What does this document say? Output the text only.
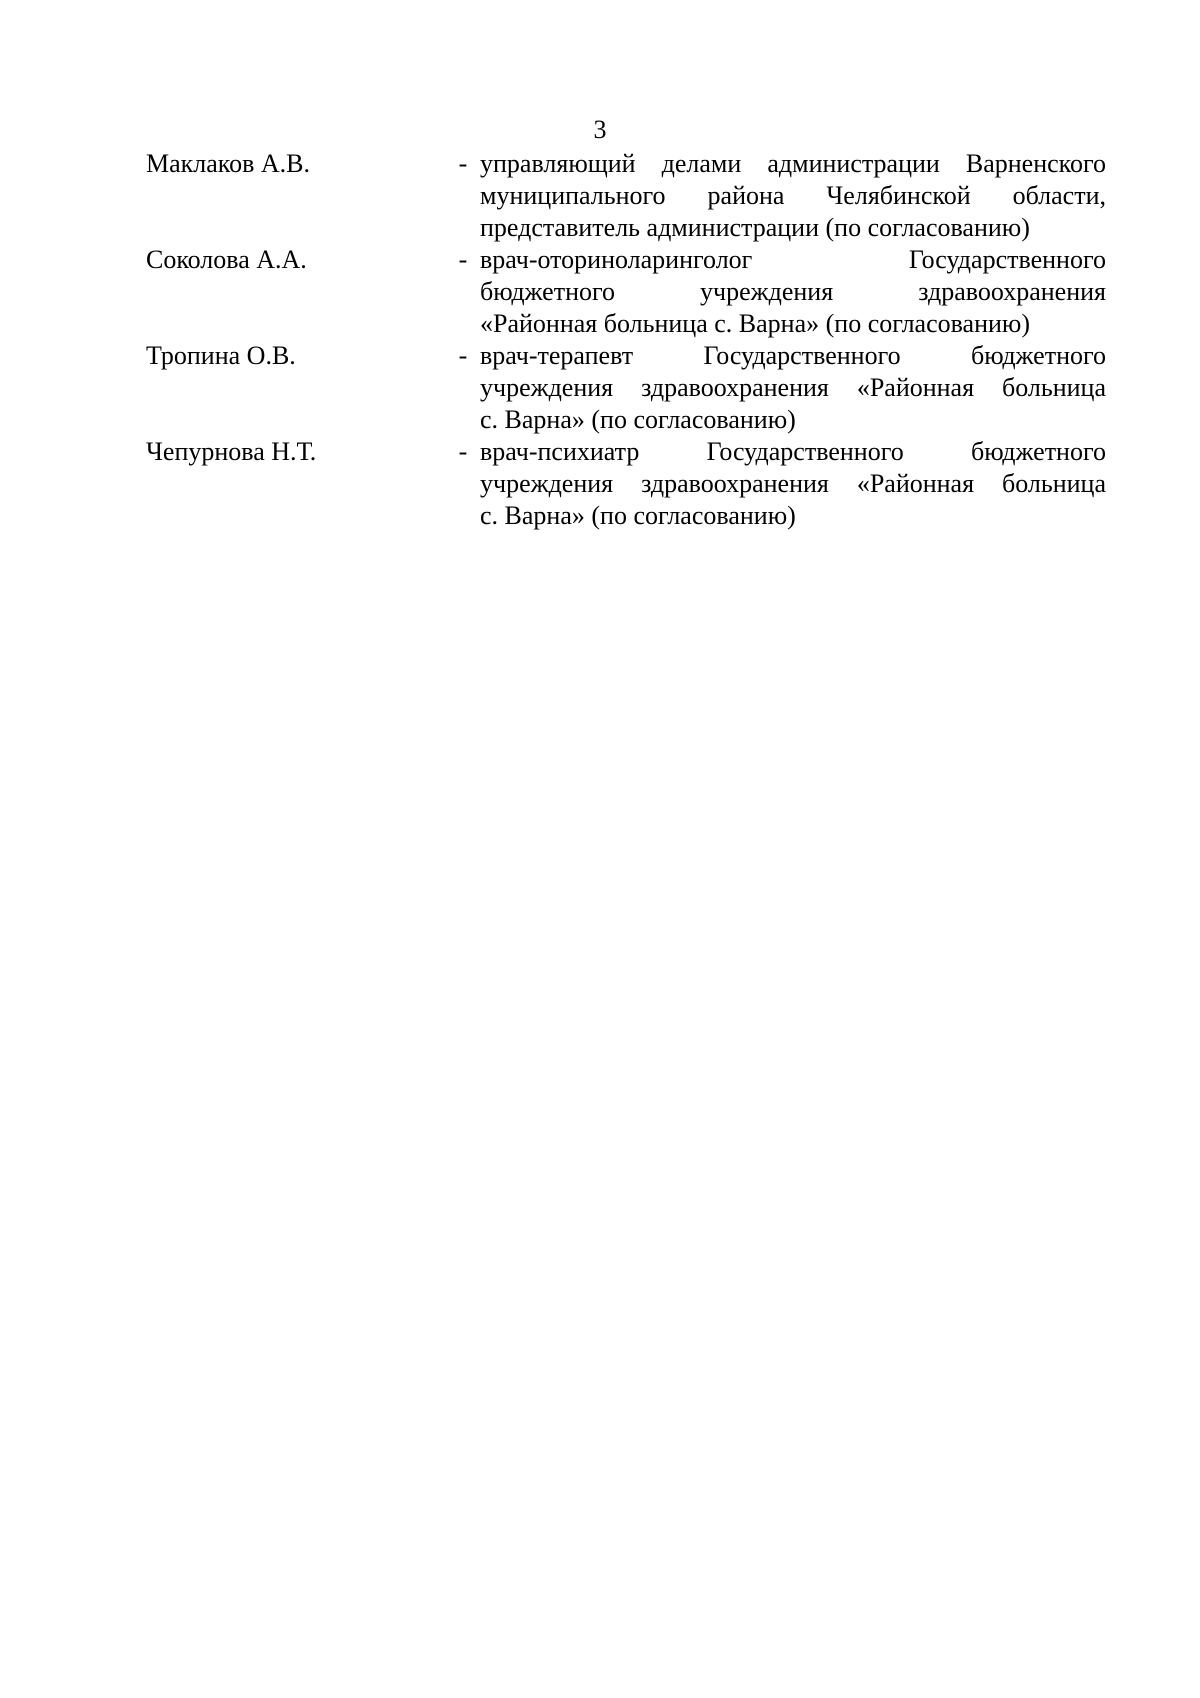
3
Маклаков А.В.	- управляющий делами администрации Варненского
муниципального района Челябинской области,
представитель администрации (по согласованию)
Соколова А.А.	- врач-оториноларинголог Государственного
бюджетного учреждения здравоохранения
«Районная больница с. Варна» (по согласованию)
Тропина О.В.	- врач-терапевт Государственного бюджетного
учреждения здравоохранения «Районная больница
с. Варна» (по согласованию)
Чепурнова Н.Т.	- врач-психиатр Государственного бюджетного
учреждения здравоохранения «Районная больница
с. Варна» (по согласованию)
